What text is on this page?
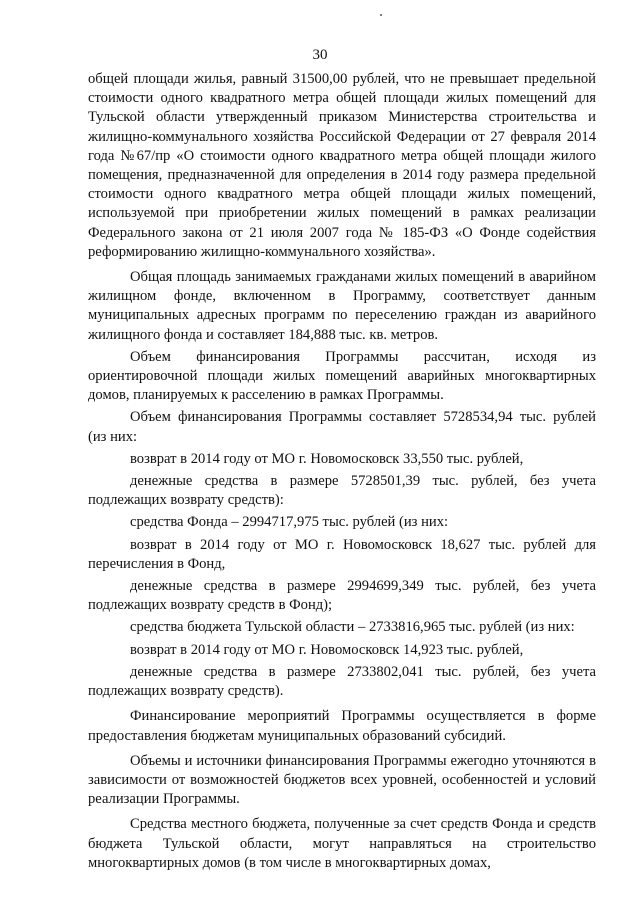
30

общей площади жилья, равный 31500,00 рублей, что не превышает предельной стоимости одного квадратного метра общей площади жилых помещений для Тульской области утвержденный приказом Министерства строительства и жилищно-коммунального хозяйства Российской Федерации от 27 февраля 2014 года №67/пр «О стоимости одного квадратного метра общей площади жилого помещения, предназначенной для определения в 2014 году размера предельной стоимости одного квадратного метра общей площади жилых помещений, используемой при приобретении жилых помещений в рамках реализации Федерального закона от 21 июля 2007 года № 185-ФЗ «О Фонде содействия реформированию жилищно-коммунального хозяйства».

Общая площадь занимаемых гражданами жилых помещений в аварийном жилищном фонде, включенном в Программу, соответствует данным муниципальных адресных программ по переселению граждан из аварийного жилищного фонда и составляет 184,888 тыс. кв. метров.

Объем финансирования Программы рассчитан, исходя из ориентировочной площади жилых помещений аварийных многоквартирных домов, планируемых к расселению в рамках Программы.

Объем финансирования Программы составляет 5728534,94 тыс. рублей (из них:

возврат в 2014 году от МО г. Новомосковск 33,550 тыс. рублей,

денежные средства в размере 5728501,39 тыс. рублей, без учета подлежащих возврату средств):

средства Фонда – 2994717,975 тыс. рублей (из них:

возврат в 2014 году от МО г. Новомосковск 18,627 тыс. рублей для перечисления в Фонд,

денежные средства в размере 2994699,349 тыс. рублей, без учета подлежащих возврату средств в Фонд);

средства бюджета Тульской области – 2733816,965 тыс. рублей (из них:

возврат в 2014 году от МО г. Новомосковск 14,923 тыс. рублей,

денежные средства в размере 2733802,041 тыс. рублей, без учета подлежащих возврату средств).

Финансирование мероприятий Программы осуществляется в форме предоставления бюджетам муниципальных образований субсидий.

Объемы и источники финансирования Программы ежегодно уточняются в зависимости от возможностей бюджетов всех уровней, особенностей и условий реализации Программы.

Средства местного бюджета, полученные за счет средств Фонда и средств бюджета Тульской области, могут направляться на строительство многоквартирных домов (в том числе в многоквартирных домах,
